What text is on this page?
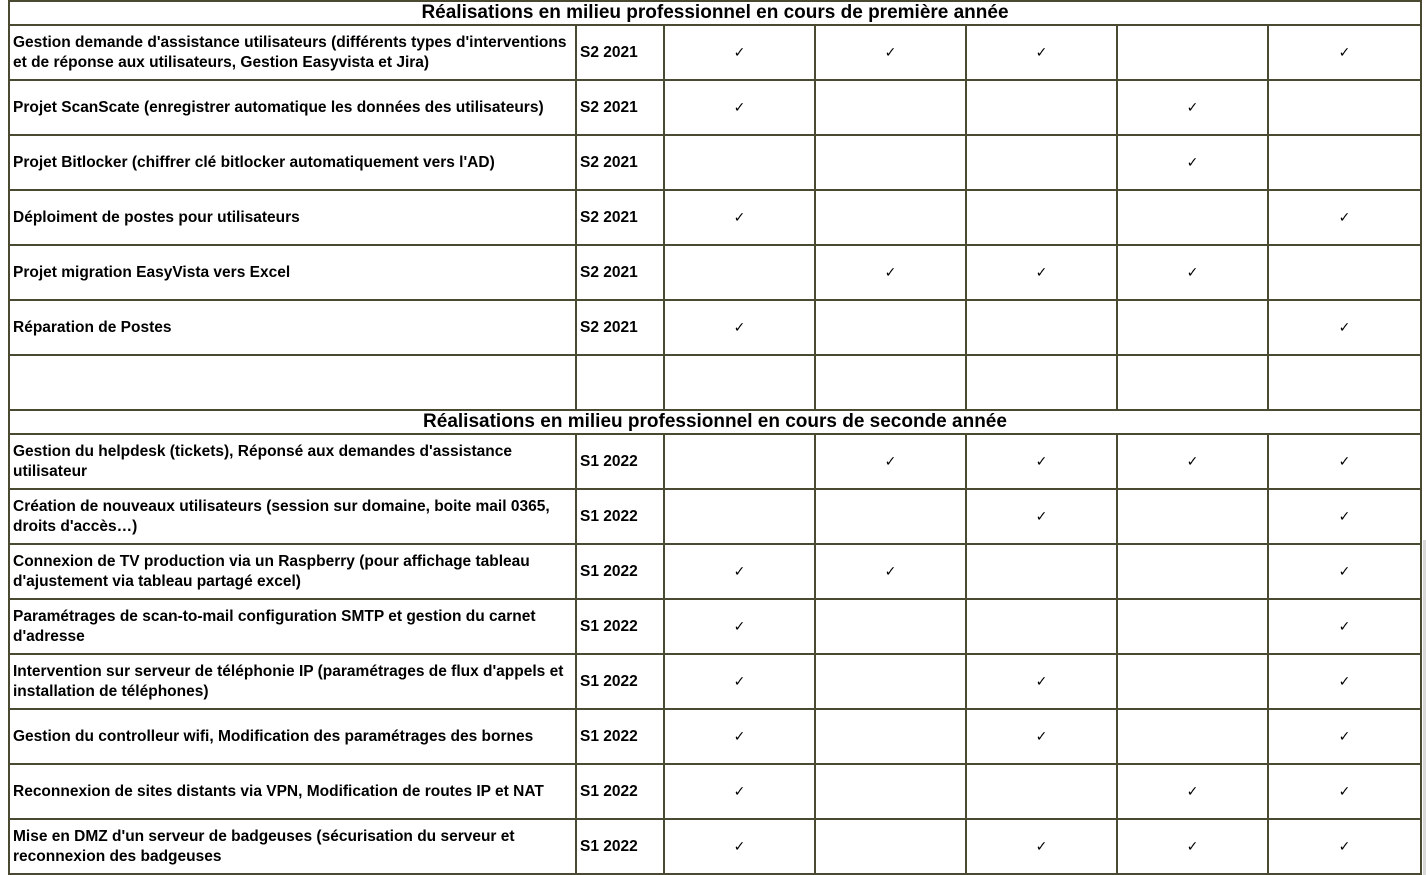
Réalisations en milieu professionnel en cours de première année						
Gestion demande d'assistance utilisateurs (différents types d'interventions et de réponse aux utilisateurs, Gestion Easyvista et Jira)	S2 2021	✓	✓	✓		✓
Projet ScanScate (enregistrer automatique les données des utilisateurs)	S2 2021	✓			✓	
Projet Bitlocker (chiffrer clé bitlocker automatiquement vers l'AD)	S2 2021				✓	
Déploiment de postes pour utilisateurs	S2 2021	✓				✓
Projet migration EasyVista vers Excel	S2 2021		✓	✓	✓	
Réparation de Postes	S2 2021	✓				✓

Réalisations en milieu professionnel en cours de seconde année						
Gestion du helpdesk (tickets), Réponsé aux demandes d'assistance utilisateur	S1 2022		✓	✓	✓	✓
Création de nouveaux utilisateurs (session sur domaine, boite mail 0365, droits d'accès…)	S1 2022			✓		✓
Connexion de TV production via un Raspberry (pour affichage tableau d'ajustement via tableau partagé excel)	S1 2022	✓	✓			✓
Paramétrages de scan-to-mail configuration SMTP et gestion du carnet d'adresse	S1 2022	✓				✓
Intervention sur serveur de téléphonie IP (paramétrages de flux d'appels et installation de téléphones)	S1 2022	✓		✓		✓
Gestion du controlleur wifi, Modification des paramétrages des bornes	S1 2022	✓		✓		✓
Reconnexion de sites distants via VPN, Modification de routes IP et NAT	S1 2022	✓			✓	✓
Mise en DMZ d'un serveur de badgeuses (sécurisation du serveur et reconnexion des badgeuses	S1 2022	✓		✓	✓	✓
